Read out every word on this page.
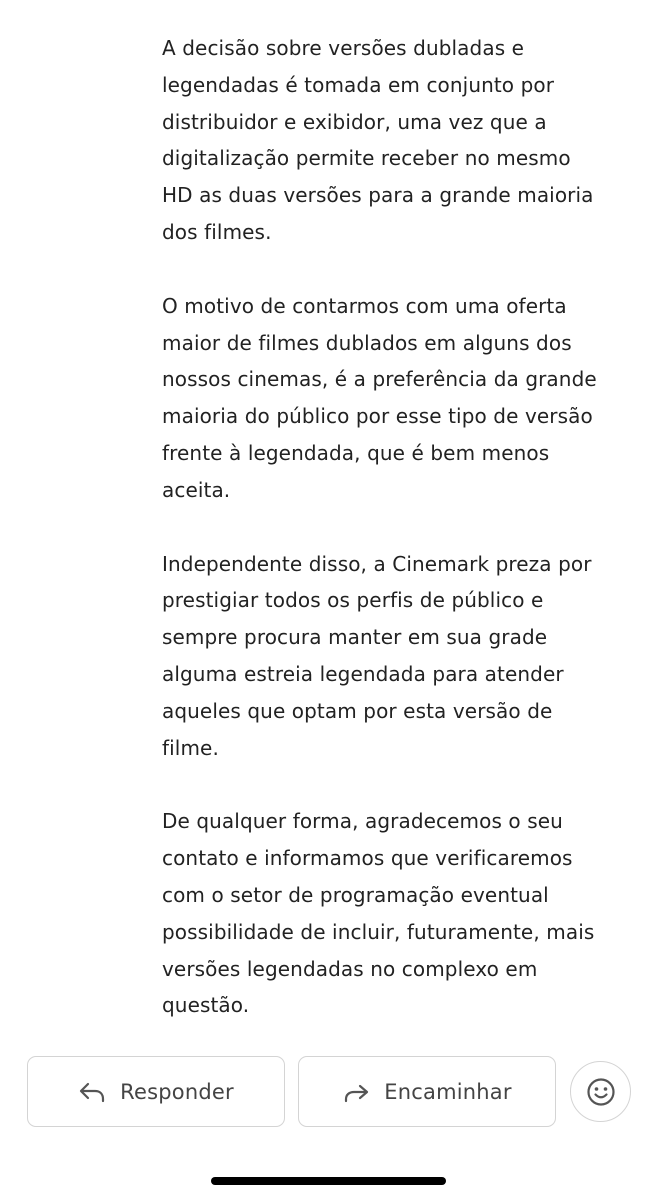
A decisão sobre versões dubladas e
legendadas é tomada em conjunto por
distribuidor e exibidor, uma vez que a
digitalização permite receber no mesmo
HD as duas versões para a grande maioria
dos filmes.

O motivo de contarmos com uma oferta
maior de filmes dublados em alguns dos
nossos cinemas, é a preferência da grande
maioria do público por esse tipo de versão
frente à legendada, que é bem menos
aceita.

Independente disso, a Cinemark preza por
prestigiar todos os perfis de público e
sempre procura manter em sua grade
alguma estreia legendada para atender
aqueles que optam por esta versão de
filme.

De qualquer forma, agradecemos o seu
contato e informamos que verificaremos
com o setor de programação eventual
possibilidade de incluir, futuramente, mais
versões legendadas no complexo em
questão.

Responder	Encaminhar
